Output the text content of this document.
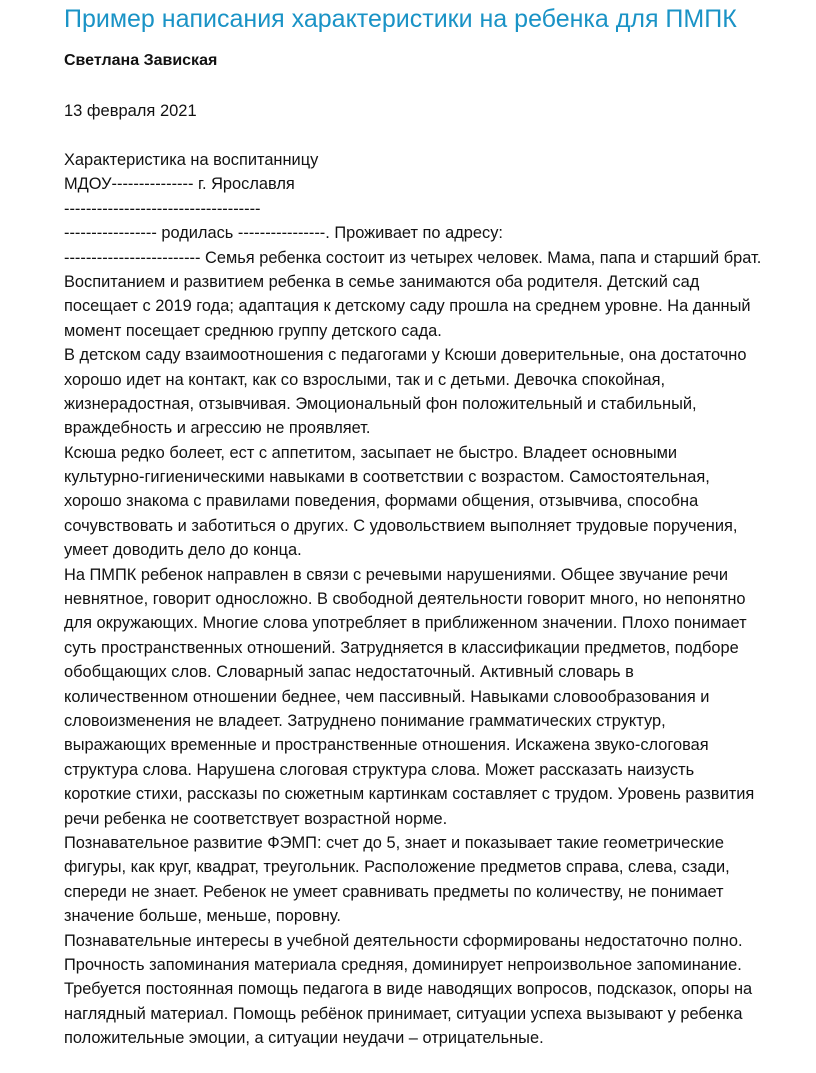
Пример написания характеристики на ребенка для ПМПК
Светлана Завиская
13 февраля 2021
Характеристика на воспитанницу
МДОУ--------------- г. Ярославля
------------------------------------
----------------- родилась ----------------. Проживает по адресу:
------------------------- Семья ребенка состоит из четырех человек. Мама, папа и старший брат.
Воспитанием и развитием ребенка в семье занимаются оба родителя. Детский сад
посещает с 2019 года; адаптация к детскому саду прошла на среднем уровне. На данный
момент посещает среднюю группу детского сада.
В детском саду взаимоотношения с педагогами у Ксюши доверительные, она достаточно
хорошо идет на контакт, как со взрослыми, так и с детьми. Девочка спокойная,
жизнерадостная, отзывчивая. Эмоциональный фон положительный и стабильный,
враждебность и агрессию не проявляет.
Ксюша редко болеет, ест с аппетитом, засыпает не быстро. Владеет основными
культурно-гигиеническими навыками в соответствии с возрастом. Самостоятельная,
хорошо знакома с правилами поведения, формами общения, отзывчива, способна
сочувствовать и заботиться о других. С удовольствием выполняет трудовые поручения,
умеет доводить дело до конца.
На ПМПК ребенок направлен в связи с речевыми нарушениями. Общее звучание речи
невнятное, говорит односложно. В свободной деятельности говорит много, но непонятно
для окружающих. Многие слова употребляет в приближенном значении. Плохо понимает
суть пространственных отношений. Затрудняется в классификации предметов, подборе
обобщающих слов. Словарный запас недостаточный. Активный словарь в
количественном отношении беднее, чем пассивный. Навыками словообразования и
словоизменения не владеет. Затруднено понимание грамматических структур,
выражающих временные и пространственные отношения. Искажена звуко-слоговая
структура слова. Нарушена слоговая структура слова. Может рассказать наизусть
короткие стихи, рассказы по сюжетным картинкам составляет с трудом. Уровень развития
речи ребенка не соответствует возрастной норме.
Познавательное развитие ФЭМП: счет до 5, знает и показывает такие геометрические
фигуры, как круг, квадрат, треугольник. Расположение предметов справа, слева, сзади,
спереди не знает. Ребенок не умеет сравнивать предметы по количеству, не понимает
значение больше, меньше, поровну.
Познавательные интересы в учебной деятельности сформированы недостаточно полно.
Прочность запоминания материала средняя, доминирует непроизвольное запоминание.
Требуется постоянная помощь педагога в виде наводящих вопросов, подсказок, опоры на
наглядный материал. Помощь ребёнок принимает, ситуации успеха вызывают у ребенка
положительные эмоции, а ситуации неудачи – отрицательные.
